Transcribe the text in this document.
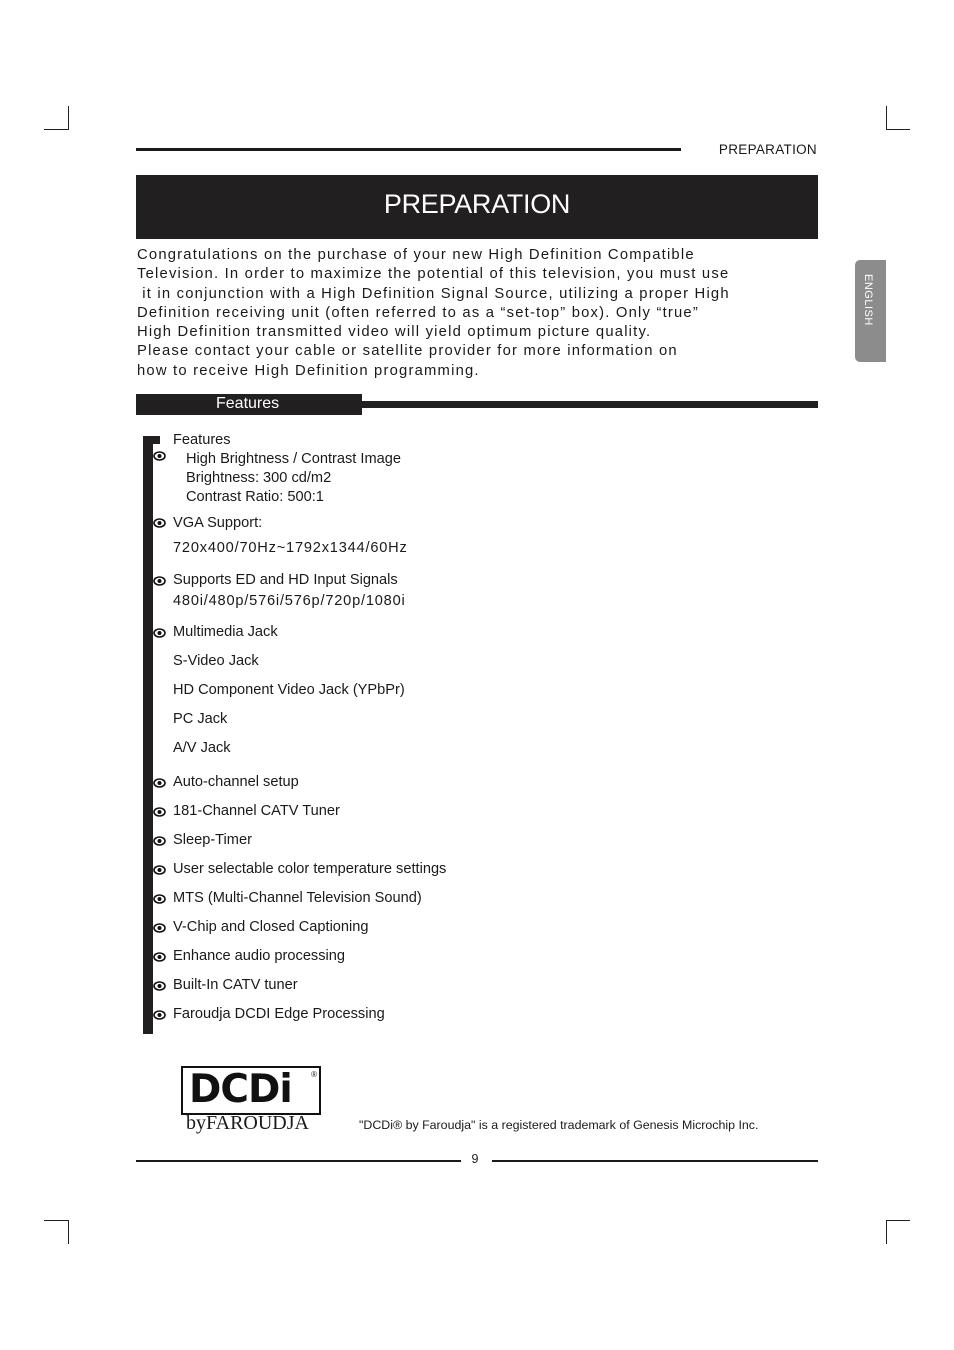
PREPARATION
PREPARATION
ENGLISH
Congratulations on the purchase of your new High Definition Compatible
Television. In order to maximize the potential of this television, you must use
it in conjunction with a High Definition Signal Source, utilizing a proper High
Definition receiving unit (often referred to as a “set-top” box). Only “true”
High Definition transmitted video will yield optimum picture quality.
Please contact your cable or satellite provider for more information on
how to receive High Definition programming.
Features
Features
High Brightness / Contrast Image
Brightness: 300 cd/m2
Contrast Ratio: 500:1
VGA Support:
720x400/70Hz~1792x1344/60Hz
Supports ED and HD Input Signals
480i/480p/576i/576p/720p/1080i
Multimedia Jack
S-Video Jack
HD Component Video Jack (YPbPr)
PC Jack
A/V Jack
Auto-channel setup
181-Channel CATV Tuner
Sleep-Timer
User selectable color temperature settings
MTS (Multi-Channel Television Sound)
V-Chip and Closed Captioning
Enhance audio processing
Built-In CATV tuner
Faroudja DCDI Edge Processing
DCDi ®
byFAROUDJA	"DCDi® by Faroudja" is a registered trademark of Genesis Microchip Inc.
9
